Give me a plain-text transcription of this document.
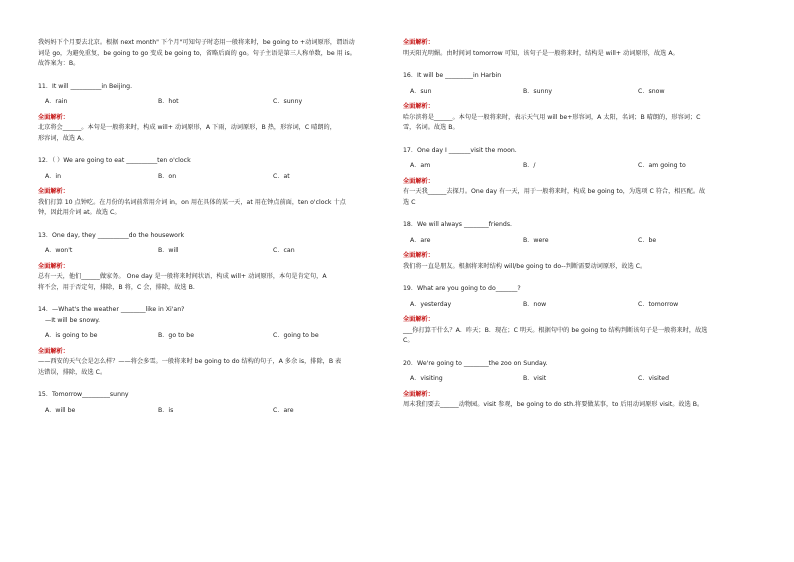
我妈妈下个月要去北京。根据 next month" 下个月"可知句子时态用一般将来时，be going to +动词原形，谓语动

词是 go，为避免重复，be going to go 变成 be going to，省略后面的 go。句子主语是第三人称单数，be 用 is。

故答案为：B。

11．It will __________in Beijing.

A．rain	B．hot	C．sunny

全面解析：

北京将会______。本句是一般将来时，构成 will+ 动词原形，A 下雨，动词原形，B 热，形容词，C 晴朗的，

形容词，故选 A。

12．（ ）We are going to eat __________ten o'clock

A．in	B．on	C．at

全面解析：

我们打算 10 点钟吃。在月份的名词前常用介词 in，on 用在具体的某一天，at 用在钟点前面，ten o'clock 十点

钟，因此用介词 at。故选 C。

13．One day, they __________do the housework

A．won't	B．will	C．can

全面解析：

总有一天，他们______做家务。 One day 是一般将来时间状语，构成 will+ 动词原形，本句是肯定句，A

将不会，用于否定句，排除，B 将，C 会，排除，故选 B.

14．—What's the weather ________like in Xi'an?

—It will be snowy.

A．is going to be	B．go to be	C．going to be

全面解析：

——西安的天气会是怎么样？——将会多雪。一般将来时 be going to do 结构的句子，A 多余 is，排除，B 表

达错误，排除，故选 C。

15．Tomorrow_________sunny

A．will be	B．is	C．are

全面解析：

明天阳光明媚。由时间词 tomorrow 可知，该句子是一般将来时，结构是 will+ 动词原形，故选 A。

16．It will be _________in Harbin

A．sun	B．sunny	C．snow

全面解析：

哈尔滨将是______。本句是一般将来时，表示天气用 will be+形容词，A 太阳，名词；B 晴朗的，形容词；C

雪，名词。故选 B。

17．One day I _______visit the moon.

A．am	B．/	C．am going to

全面解析：

有一天我______去探月。One day 有一天，用于一般将来时，构成 be going to，为选项 C 符合，相匹配。故

选 C

18．We will always ________friends.

A．are	B．were	C．be

全面解析：

我们将一直是朋友。根据将来时结构 will/be going to do--判断需要动词原形，故选 C。

19．What are you going to do_______?

A．yesterday	B．now	C．tomorrow

全面解析：

___你打算干什么？A．昨天；B．现在；C 明天。根据句中的 be going to 结构判断该句子是一般将来时，故选

C。

20．We're going to ________the zoo on Sunday.

A．visiting	B．visit	C．visited

全面解析：

周末我们要去______动物园。visit 参观，be going to do sth.将要做某事，to 后用动词原形 visit。故选 B。
